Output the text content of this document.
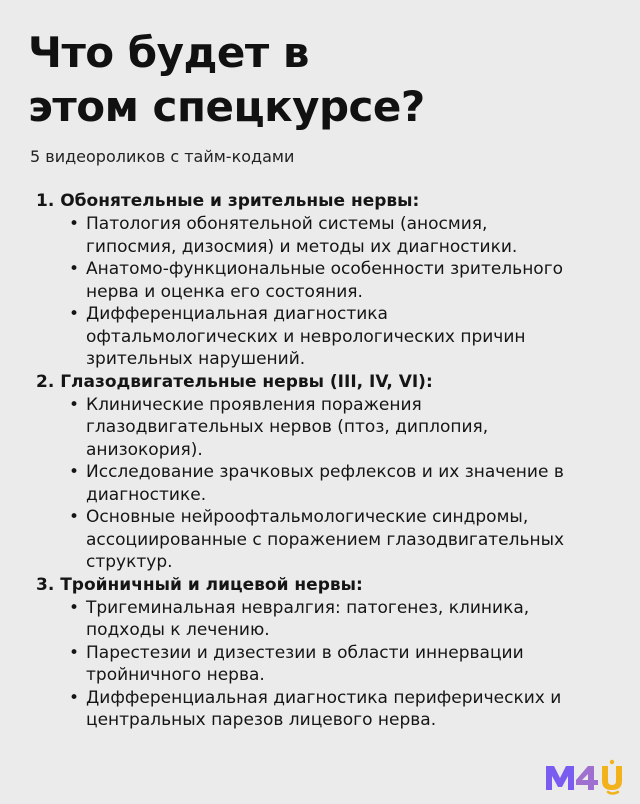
Что будет в
этом спецкурсе?
5 видеороликов с тайм-кодами

1. Обонятельные и зрительные нервы:

• Патология обонятельной системы (аносмия,
гипосмия, дизосмия) и методы их диагностики.
• Анатомо-функциональные особенности зрительного
нерва и оценка его состояния.
• Дифференциальная диагностика
офтальмологических и неврологических причин
зрительных нарушений.

2. Глазодвигательные нервы (III, IV, VI):

• Клинические проявления поражения
глазодвигательных нервов (птоз, диплопия,
анизокория).
• Исследование зрачковых рефлексов и их значение в
диагностике.
• Основные нейроофтальмологические синдромы,
ассоциированные с поражением глазодвигательных
структур.

3. Тройничный и лицевой нервы:

• Тригеминальная невралгия: патогенез, клиника,
подходы к лечению.
• Парестезии и дизестезии в области иннервации
тройничного нерва.
• Дифференциальная диагностика периферических и
центральных парезов лицевого нерва.
